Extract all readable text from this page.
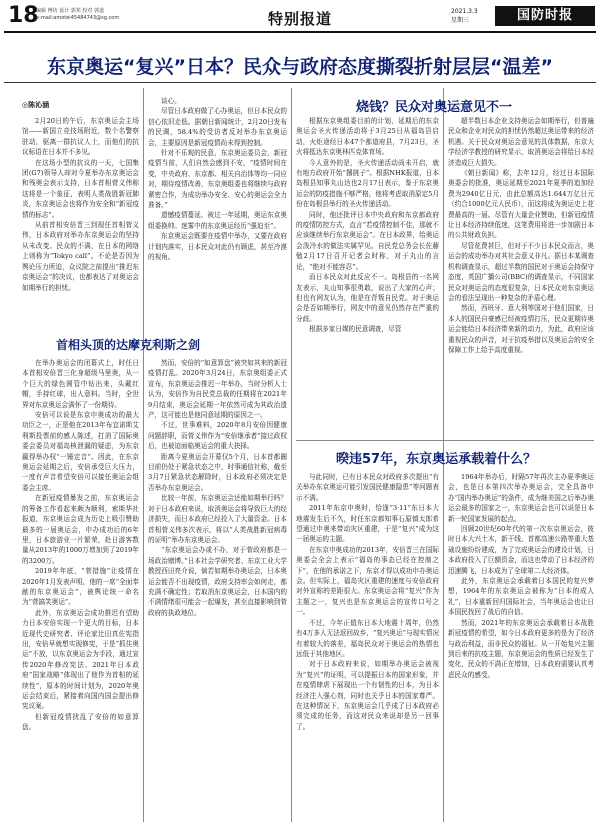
18
编辑 傅坊 设计 郭邦 校对 郭道
e-mail:amotei45484743@sg.com	特别报道	2021.3.3
星期三	国防时报
东京奥运“复兴”日本？民众与政府态度撕裂折射层层“温差”
◎陈沁涵

2月20日的午后，东京奥运会主场馆——新国立竞技场附近，数个名警察驻动，驱离一群抗议人士，而他们的抗议标语在日本并不多见。

在这场小型的抗议的一天，七国集团(G7)领导人却对今夏举办东京奥运会和残奥会表示支持，日本首相菅义伟称这将是一个象征，表明人类战胜新冠肺炎，东京奥运会也将作为安全和“新冠疫情的标志”。

从前首相安倍晋三到现任首相菅义伟，日本政府对举办东京奥运会的坚持从未改变。民众的不满，在日本的网络上则称为“Tokyo call”。不论是否因为舆论压力所迫，众议院之前提出“推迟东京奥运会”的决议，也都表达了对奥运会如期举行的担忧。

谈心。

尽管日本政府做了心办奥运，但日本民众的信心依旧走低。据朝日新闻统计，2月20日发布的民调，58.4%的受访者反对举办东京奥运会，主要原因是新冠疫情尚未得到控制。

针对不乐观的民意，东京奥运委员会，新冠疫情当前，人们自然会感到不安，“疫情时间在变，中央政府、东京都、相关自治体等均一同应对，期待疫情改善，东京奥组委也将继续与政府紧密合作，为成功举办安全、安心的奥运会全力准备。”

遗憾疫情蔓延、被过一年延期，奥运东京奥组委换帅。迷雾中的东京奥运经历“强迫至”。

东京奥运会既要在疫情中举办，又要在政府计划内落实，日本民众对此仍有顾虑，甚至冷漠的视角。

首相头顶的达摩克利斯之剑

在举办奥运会的闭幕式上，时任日本首相安倍晋三化身超级马里奥，从一个巨大的绿色圆管中钻出来，头戴红帽，手持红球，出人意料。当时，全世界对东京奥运会满怀了一份期待。

安倍可以说是东京申奥成功的最大功臣之一，正是他在2013年布宜诺斯艾利斯投票前的感人陈述，打消了国际奥委会委员对福岛核泄漏的疑虑，为东京赢得举办权“一锤定音”。因此，在东京奥运会延期之后，安倍承受巨大压力，一度有声音希望安倍可以接任奥运会组委会主席。

在新冠疫情暴发之前，东京奥运会的筹备工作看起来颇为顺利，索斯华社报道，东京奥运会成为历史上吸引赞助最多的一届奥运会，申办成功后的6年里，日本旅游业一片繁荣，赴日游客数量从2013年的1000万增加到了2019年的3200万。

2019年年底，“菅措施”让疫情在2020年1月发表声明，他的一席“全面奉献的东京奥运会”，被舆论统一命名为“菅搞笑奥运”。

此外，东京奥运会成功推迟有望助力日本安倍实现一个更大的目标，日本近现代史研究者、评论家辻田真佐宪指出，安倍早就想实现修宪，于是“抓住奥运”不放，以东京奥运会为手段，通过宣传2020年修改宪法、2021年日本政府“国家战略”体现出了他作为首相的延续性”，原本的时间计划为，2020年奥运会结束后，紧接着向国内国会提出修宪议案。

但新冠疫情扰乱了安倍的如意算盘。

然而，安倍的“如意算盘”被突如其来的新冠疫情打乱。2020年3月24日，东京奥组委正式宣布，东京奥运会推迟一年举办，当时分析人士认为，安倍作为自民党总裁的任期将在2021年9月结束，奥运会延期一年依然可成为其政治遗产，这可能也是他同意延期的原因之一。

不过，世事难料，2020年8月安倍因健康问题辞职，而菅义伟作为“安倍继承者”接过政权后，也被迫面临奥运会的重大抉择。

距离今夏奥运会开幕仅5个月，日本首都圈目前仍处于紧急状态之中，时事通信社称，截至3月7日紧急状态解除时，日本政府必须决定是否举办东京奥运会。

比较一年前，东京奥运会还能如期举行吗？对于日本政府来说，取消奥运会将导致巨大的经济损失，而日本政府已经投入了大量资金。日本首相菅义伟多次表示，将以“人类战胜新冠病毒的证明”举办东京奥运会。

“东京奥运会办或不办，对于菅政府都是一场政治赌博。”日本社会学研究者、东京工业大学教授西田亮介说，倘若如期举办奥运会，日本奥运会能否不出现疫情，政府支持率会如何走，都充满不确定性；若取消东京奥运会，日本国内的不满情绪很可能会一起爆发，甚至直接影响到菅政府的执政地位。

烧钱？民众对奥运意见不一

根据东京奥组委目前的计划，延期后的东京奥运会圣火传递活动将于3月25日从福岛县启动，火炬途经日本47个都道府县，7月23日，圣火将抵达东京奥林匹克体育场。

今人意外的是，圣火传递活动尚未开启，就有地方政府开始“撂挑子”。根据NHK报道，日本岛根县知事丸山达也2月17日表示，鉴于东京奥运会的防疫措施不够严格，他将考虑取消原定5月份在岛根县举行的圣火传递活动。

同时，他还批评日本中央政府和东京都政府的疫情防控方式，直言“若疫情控制不佳，那就不应该继续举行东京奥运会”。在日本政界，给奥运会泼冷水的做法实属罕见。自民党总务会长佐藤勉2月17日召开记者会时称，对于丸山的言论，“绝对不能容忍”。

而日本民众对此反应不一。岛根县的一名网友表示，丸山知事很勇敢，说出了大家的心声；但也有网友认为，他是在背叛自民党。对于奥运会是否如期举行，网友中的意见仍然存在严重的分歧。

根据多家日媒的民意调查，尽管

超半数日本企业支持奥运会如期举行，但普遍民众和企业对民众的担忧仍然超过奥运带来的经济机遇。关于民众对奥运会意见的具体数据，东京大学经济学教授的研究显示，取消奥运会将给日本经济造成巨大损失。

《朝日新闻》称，去年12月，经过日本国际奥委会的批准，奥运延期至2021年夏季的追加经费为2940亿日元，由此总额高达1.644万亿日元（约合1000亿元人民币），而这将成为奥运史上花费最高的一届。尽管有大量企业赞助，但新冠疫情让日本经济持续低迷，这笔费用将进一步加剧日本的公共财政负担。

尽管花费甚巨，但对于不少日本民众而言，奥运会的成功举办对其社会意义非凡。据日本某调查机构调查显示，超过半数的国民对于奥运会持保守态度，英国广播公司(BBC)的调查显示，不同国家民众对奥运会的态度很复杂，日本民众对东京奥运会的看法呈现出一种复杂的矛盾心理。

然而，西班牙、意大利等国对于他们国家，日本人的国民自豪感已经被疫情打压，民众更期待奥运会能给日本经济带来新的动力，为此，政府应该重视民众的声音，对于抗疫举措以及奥运会的安全保障工作上给予高度重视。

暌违57年，东京奥运承载着什么？

与此同时，已有日本民众对政府多次提出“有关举办东京奥运可能引发国民健康隐患”等问题表示不满。

2011年东京申奥时，恰逢“3·11”东日本大地震发生后不久，时任东京都知事石原慎太郎希望通过申奥来带动灾区重建，于是“复兴”成为这一届奥运的主题。

在东京申奥成功的2013年，安倍晋三在国际奥委会全会上表示“福岛的事态已经在控制之下”，在他的承诺之下，东京才得以成功申办奥运会。但实际上，福岛灾区重建的速度与安倍政府对外宣称的差距很大。东京奥运会将“复兴”作为主题之一，复兴也是东京奥运会的宣传口号之一。

不过，今年正值东日本大地震十周年，仍然有4万多人无法返回故乡，“复兴奥运”与现实情况有着较大的落差，福岛民众对于奥运会的热情也远低于其他地区。

对于日本政府来说，如期举办奥运会被视为“复兴”的证明，可以提振日本的国家形象，并在疫情肆虐下展现出一个有韧性的日本，为日本经济注入强心剂，同时也关乎日本的国家尊严。在这种情况下，东京奥运会几乎成了日本政府必须完成的任务，而这对民众来说却是另一回事了。

1964年举办后，时隔57年再次主办夏季奥运会，也是日本第四次举办奥运会，完全具备申办“国内举办奥运”的条件，成为继美国之后举办奥运会最多的国家之一，东京奥运会也可以说是日本新一轮国家发展的起点。

回顾20世纪60年代的第一次东京奥运会，彼时日本大兴土木，新干线、首都高速公路等重大基础设施纷纷建成，为了完成奥运会的建设计划，日本政府投入了巨额资金，而这也带动了日本经济的迅速腾飞，日本成为了全球第二大经济体。

此外，东京奥运会承载着日本国民的复兴梦想，1964年的东京奥运会被称为“日本的成人礼”，日本重新回归国际社会，当年奥运会也让日本国民找回了战后的自信。

然而，2021年的东京奥运会承载着日本战胜新冠疫情的希望，如今日本政府更多的是为了经济与政治利益，而非民众的福祉。从一开始复兴主题到后来的抗疫主题，东京奥运会的性质已经发生了变化，民众的不满正在增加，日本政府需要认真考虑民众的感受。
